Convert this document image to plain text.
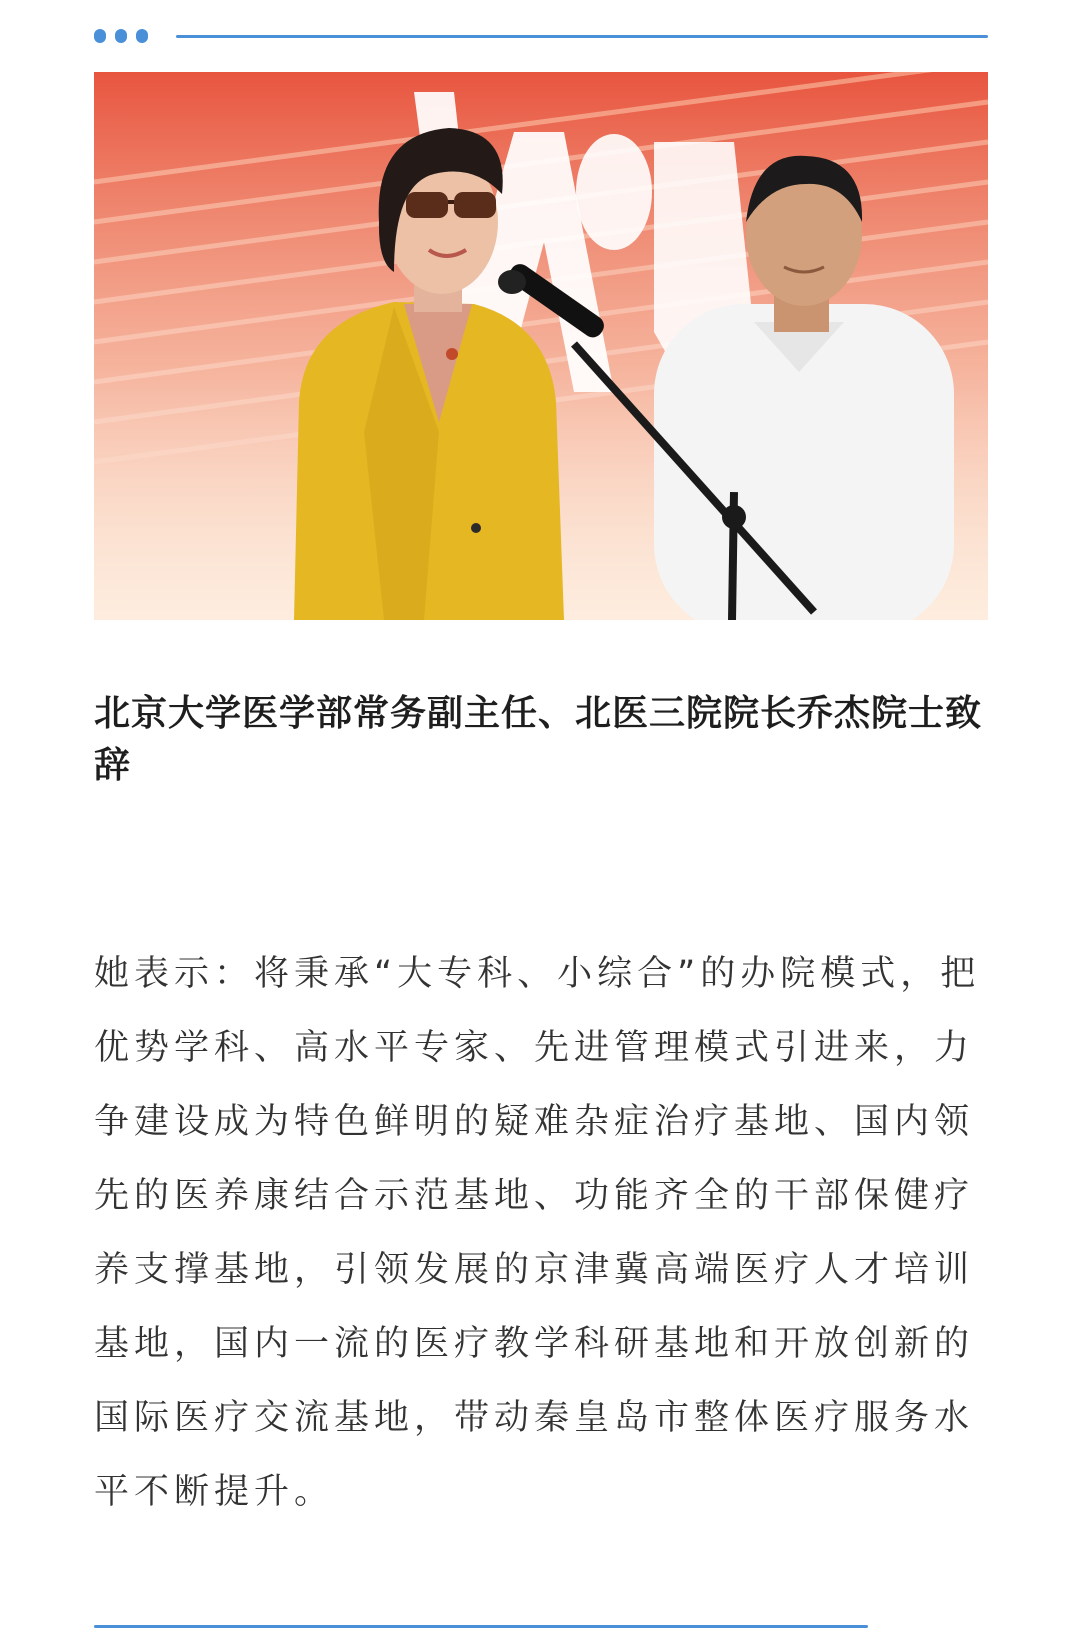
北京大学医学部常务副主任、北医三院院长乔杰院士致辞

她表示：将秉承“大专科、小综合”的办院模式，把优势学科、高水平专家、先进管理模式引进来，力争建设成为特色鲜明的疑难杂症治疗基地、国内领先的医养康结合示范基地、功能齐全的干部保健疗养支撑基地，引领发展的京津冀高端医疗人才培训基地，国内一流的医疗教学科研基地和开放创新的国际医疗交流基地，带动秦皇岛市整体医疗服务水平不断提升。
